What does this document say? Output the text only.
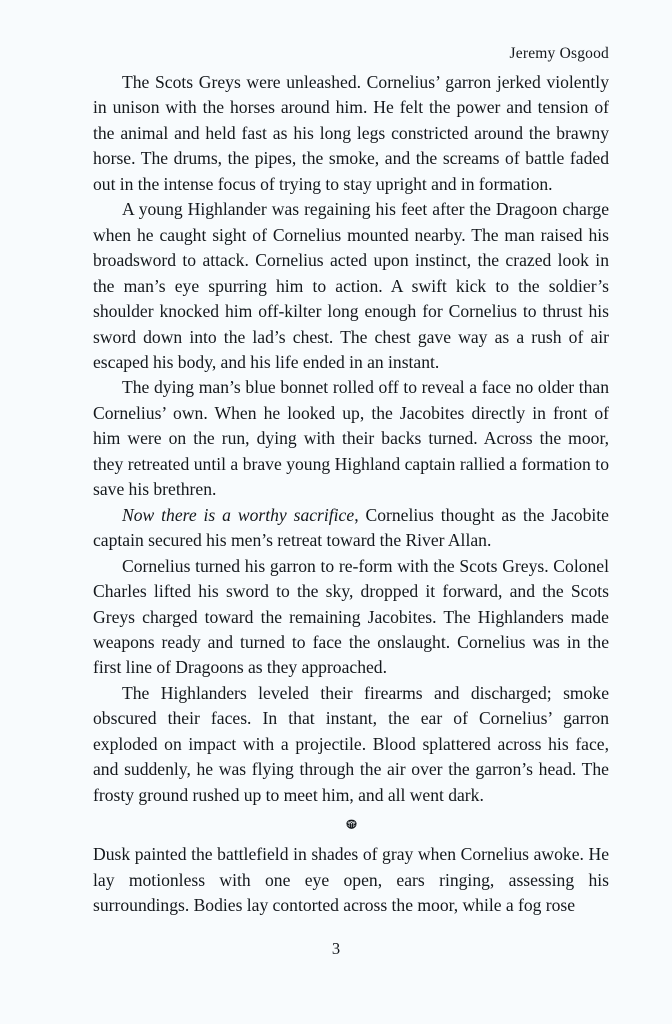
Jeremy Osgood

The Scots Greys were unleashed. Cornelius’ garron jerked violently in unison with the horses around him. He felt the power and tension of the animal and held fast as his long legs constricted around the brawny horse. The drums, the pipes, the smoke, and the screams of battle faded out in the intense focus of trying to stay upright and in formation.

A young Highlander was regaining his feet after the Dragoon charge when he caught sight of Cornelius mounted nearby. The man raised his broadsword to attack. Cornelius acted upon instinct, the crazed look in the man’s eye spurring him to action. A swift kick to the soldier’s shoulder knocked him off-kilter long enough for Cornelius to thrust his sword down into the lad’s chest. The chest gave way as a rush of air escaped his body, and his life ended in an instant.

The dying man’s blue bonnet rolled off to reveal a face no older than Cornelius’ own. When he looked up, the Jacobites directly in front of him were on the run, dying with their backs turned. Across the moor, they retreated until a brave young Highland captain rallied a formation to save his brethren.

Now there is a worthy sacrifice, Cornelius thought as the Jacobite captain secured his men’s retreat toward the River Allan.

Cornelius turned his garron to re-form with the Scots Greys. Colonel Charles lifted his sword to the sky, dropped it forward, and the Scots Greys charged toward the remaining Jacobites. The Highlanders made weapons ready and turned to face the onslaught. Cornelius was in the first line of Dragoons as they approached.

The Highlanders leveled their firearms and discharged; smoke obscured their faces. In that instant, the ear of Cornelius’ garron exploded on impact with a projectile. Blood splattered across his face, and suddenly, he was flying through the air over the garron’s head. The frosty ground rushed up to meet him, and all went dark.

Dusk painted the battlefield in shades of gray when Cornelius awoke. He lay motionless with one eye open, ears ringing, assessing his surroundings. Bodies lay contorted across the moor, while a fog rose

3
